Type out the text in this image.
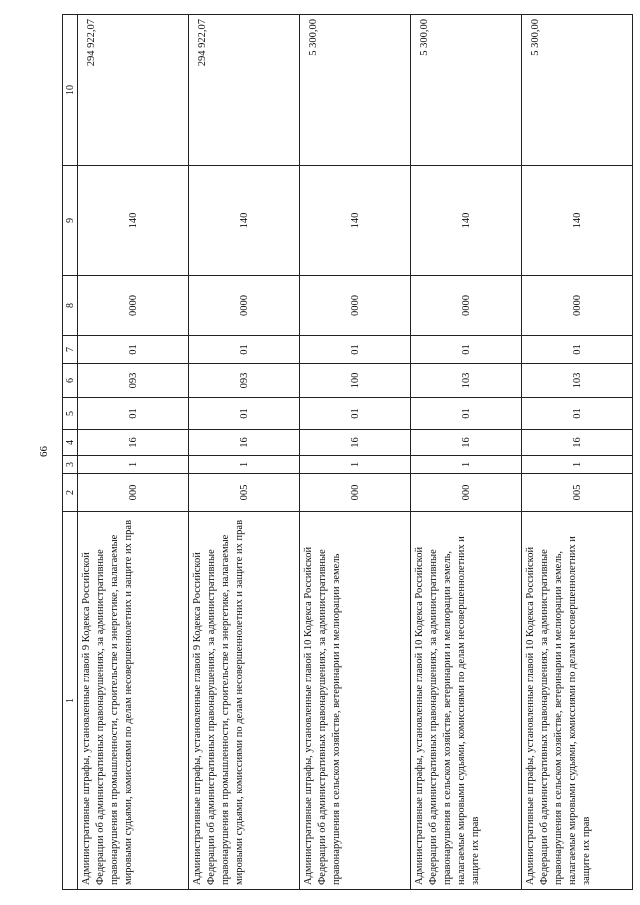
66
1	2	3	4	5	6	7	8	9	10
Административные штрафы, установленные главой 9 Кодекса Российской Федерации об административных правонарушениях, за административные правонарушения в промышленности, строительстве и энергетике, налагаемые мировыми судьями, комиссиями по делам несовершеннолетних и защите их прав	000	1	16	01	093	01	0000	140	294 922,07
Административные штрафы, установленные главой 9 Кодекса Российской Федерации об административных правонарушениях, за административные правонарушения в промышленности, строительстве и энергетике, налагаемые мировыми судьями, комиссиями по делам несовершеннолетних и защите их прав	005	1	16	01	093	01	0000	140	294 922,07
Административные штрафы, установленные главой 10 Кодекса Российской Федерации об административных правонарушениях, за административные правонарушения в сельском хозяйстве, ветеринарии и мелиорации земель	000	1	16	01	100	01	0000	140	5 300,00
Административные штрафы, установленные главой 10 Кодекса Российской Федерации об административных правонарушениях, за административные правонарушения в сельском хозяйстве, ветеринарии и мелиорации земель, налагаемые мировыми судьями, комиссиями по делам несовершеннолетних и защите их прав	000	1	16	01	103	01	0000	140	5 300,00
Административные штрафы, установленные главой 10 Кодекса Российской Федерации об административных правонарушениях, за административные правонарушения в сельском хозяйстве, ветеринарии и мелиорации земель, налагаемые мировыми судьями, комиссиями по делам несовершеннолетних и защите их прав	005	1	16	01	103	01	0000	140	5 300,00
